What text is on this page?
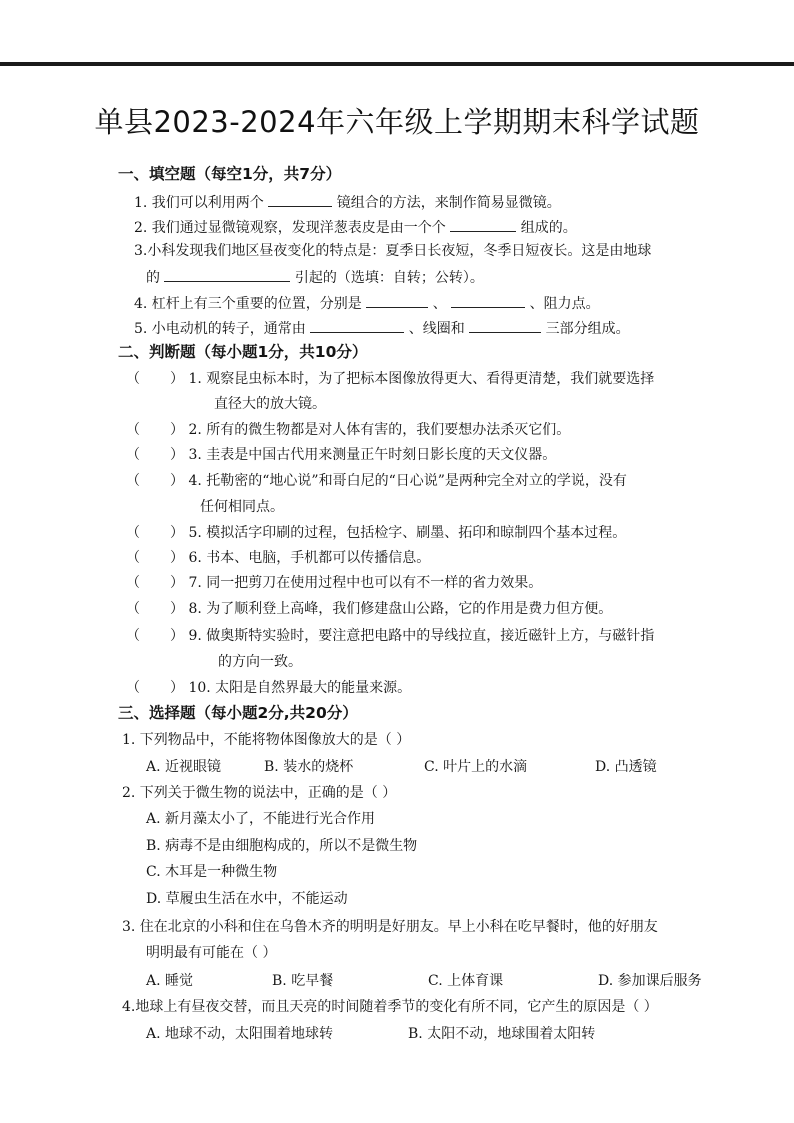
单县2023-2024年六年级上学期期末科学试题
一、填空题（每空1分，共7分）
1. 我们可以利用两个	镜组合的方法，来制作简易显微镜。
2. 我们通过显微镜观察，发现洋葱表皮是由一个个	组成的。
3.小科发现我们地区昼夜变化的特点是：夏季日长夜短，冬季日短夜长。这是由地球
的	引起的（选填：自转；公转）。
4. 杠杆上有三个重要的位置，分别是	、	、阻力点。
5. 小电动机的转子，通常由	、线圈和	三部分组成。
二、判断题（每小题1分，共10分）
（ ） 1. 观察昆虫标本时，为了把标本图像放得更大、看得更清楚，我们就要选择
直径大的放大镜。
（ ） 2. 所有的微生物都是对人体有害的，我们要想办法杀灭它们。
（ ） 3. 圭表是中国古代用来测量正午时刻日影长度的天文仪器。
（ ） 4. 托勒密的“地心说”和哥白尼的“日心说”是两种完全对立的学说，没有
任何相同点。
（ ） 5. 模拟活字印刷的过程，包括检字、刷墨、拓印和晾制四个基本过程。
（ ） 6. 书本、电脑，手机都可以传播信息。
（ ） 7. 同一把剪刀在使用过程中也可以有不一样的省力效果。
（ ） 8. 为了顺利登上高峰，我们修建盘山公路，它的作用是费力但方便。
（ ） 9. 做奥斯特实验时，要注意把电路中的导线拉直，接近磁针上方，与磁针指
的方向一致。
（ ） 10. 太阳是自然界最大的能量来源。
三、选择题（每小题2分,共20分）
1. 下列物品中，不能将物体图像放大的是（ ）
A. 近视眼镜	B. 装水的烧杯	C. 叶片上的水滴	D. 凸透镜
2. 下列关于微生物的说法中，正确的是（ ）
A. 新月藻太小了，不能进行光合作用
B. 病毒不是由细胞构成的，所以不是微生物
C. 木耳是一种微生物
D. 草履虫生活在水中，不能运动
3. 住在北京的小科和住在乌鲁木齐的明明是好朋友。早上小科在吃早餐时，他的好朋友
明明最有可能在（ ）
A. 睡觉	B. 吃早餐	C. 上体育课	D. 参加课后服务
4.地球上有昼夜交替，而且天亮的时间随着季节的变化有所不同，它产生的原因是（ ）
A. 地球不动，太阳围着地球转	B. 太阳不动，地球围着太阳转
